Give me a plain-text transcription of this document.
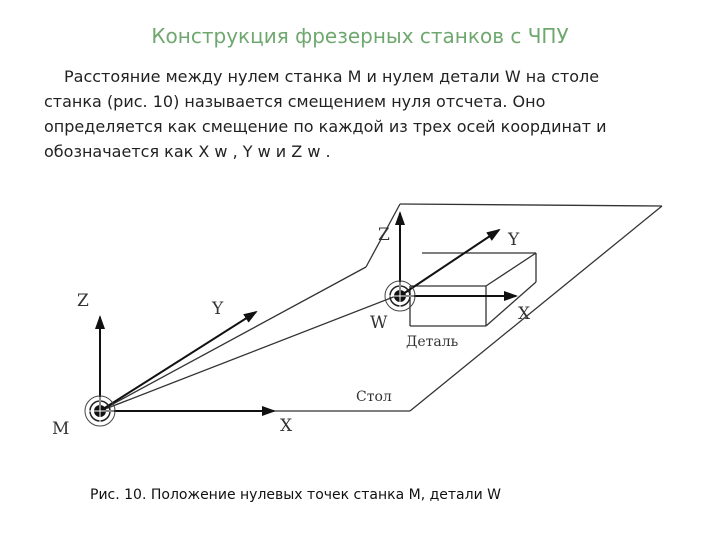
Конструкция фрезерных станков с ЧПУ
Расстояние между нулем станка М и нулем детали W на столе
станка (рис. 10) называется смещением нуля отсчета. Оно
определяется как смещение по каждой из трех осей координат и
обозначается как X w , Y w и Z w .
Z	Y
X
M
Z	Y
X
W
Деталь
Стол
Рис. 10. Положение нулевых точек станка М, детали W
